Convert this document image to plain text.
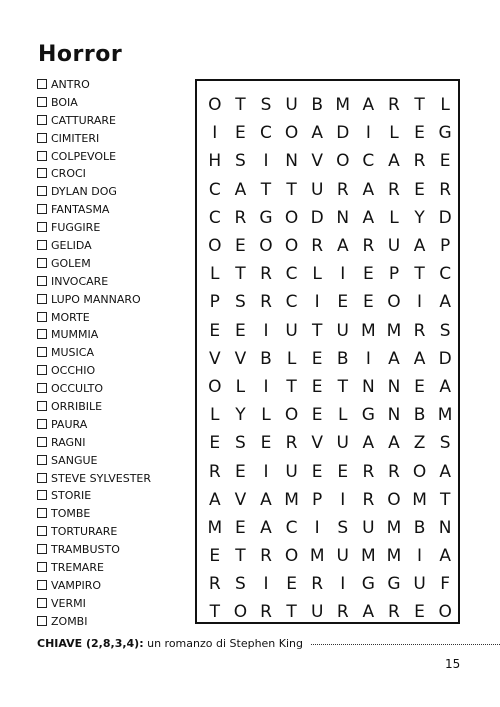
Horror
ANTRO
BOIA
CATTURARE
CIMITERI
COLPEVOLE
CROCI
DYLAN DOG
FANTASMA
FUGGIRE
GELIDA
GOLEM
INVOCARE
LUPO MANNARO
MORTE
MUMMIA
MUSICA
OCCHIO
OCCULTO
ORRIBILE
PAURA
RAGNI
SANGUE
STEVE SYLVESTER
STORIE
TOMBE
TORTURARE
TRAMBUSTO
TREMARE
VAMPIRO
VERMI
ZOMBI
O T S U B M A R T L
I	E C O A D I	L E G
H S	I N V O C A R E
C A T T U R A R E R
C R G O D N A L Y D
O E O O R A R U A P
L T R C L	I	E P T C
P S R C	I	E E O I	A
E E	I U T U M M R S
V V B L E B	I	A A D
O L	I	T E T N N E A
L Y L O E L G N B M
E S E R V U A A Z S
R E	I U E E R R O A
A V A M P	I	R O M T
M E A C	I	S U M B N
E T R O M U M M I	A
R S	I	E R	I G G U F
T O R T U R A R E O
CHIAVE (2,8,3,4): un romanzo di Stephen King
15
